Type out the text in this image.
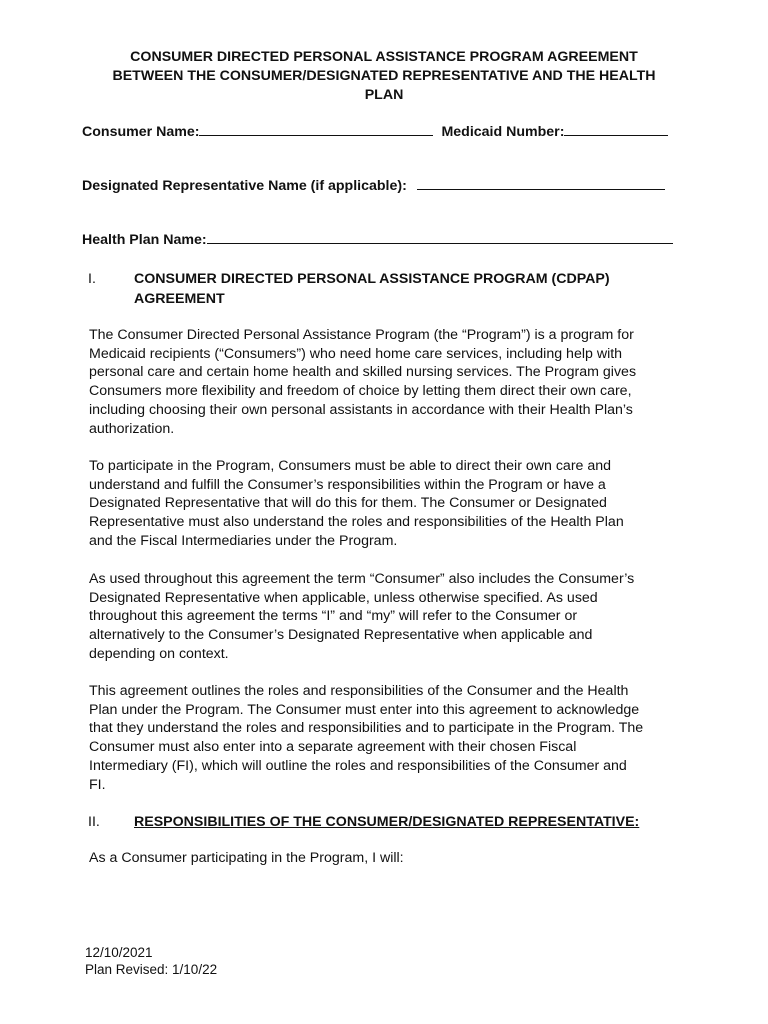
CONSUMER DIRECTED PERSONAL ASSISTANCE PROGRAM AGREEMENT
BETWEEN THE CONSUMER/DESIGNATED REPRESENTATIVE AND THE HEALTH
PLAN
Consumer Name:	Medicaid Number:
Designated Representative Name (if applicable):
Health Plan Name:
I.	CONSUMER DIRECTED PERSONAL ASSISTANCE PROGRAM (CDPAP)
AGREEMENT
The Consumer Directed Personal Assistance Program (the “Program”) is a program for
Medicaid recipients (“Consumers”) who need home care services, including help with
personal care and certain home health and skilled nursing services. The Program gives
Consumers more flexibility and freedom of choice by letting them direct their own care,
including choosing their own personal assistants in accordance with their Health Plan’s
authorization.
To participate in the Program, Consumers must be able to direct their own care and
understand and fulfill the Consumer’s responsibilities within the Program or have a
Designated Representative that will do this for them. The Consumer or Designated
Representative must also understand the roles and responsibilities of the Health Plan
and the Fiscal Intermediaries under the Program.
As used throughout this agreement the term “Consumer” also includes the Consumer’s
Designated Representative when applicable, unless otherwise specified. As used
throughout this agreement the terms “I” and “my” will refer to the Consumer or
alternatively to the Consumer’s Designated Representative when applicable and
depending on context.
This agreement outlines the roles and responsibilities of the Consumer and the Health
Plan under the Program. The Consumer must enter into this agreement to acknowledge
that they understand the roles and responsibilities and to participate in the Program. The
Consumer must also enter into a separate agreement with their chosen Fiscal
Intermediary (FI), which will outline the roles and responsibilities of the Consumer and
FI.
II. RESPONSIBILITIES OF THE CONSUMER/DESIGNATED REPRESENTATIVE:
As a Consumer participating in the Program, I will:
12/10/2021
Plan Revised: 1/10/22
